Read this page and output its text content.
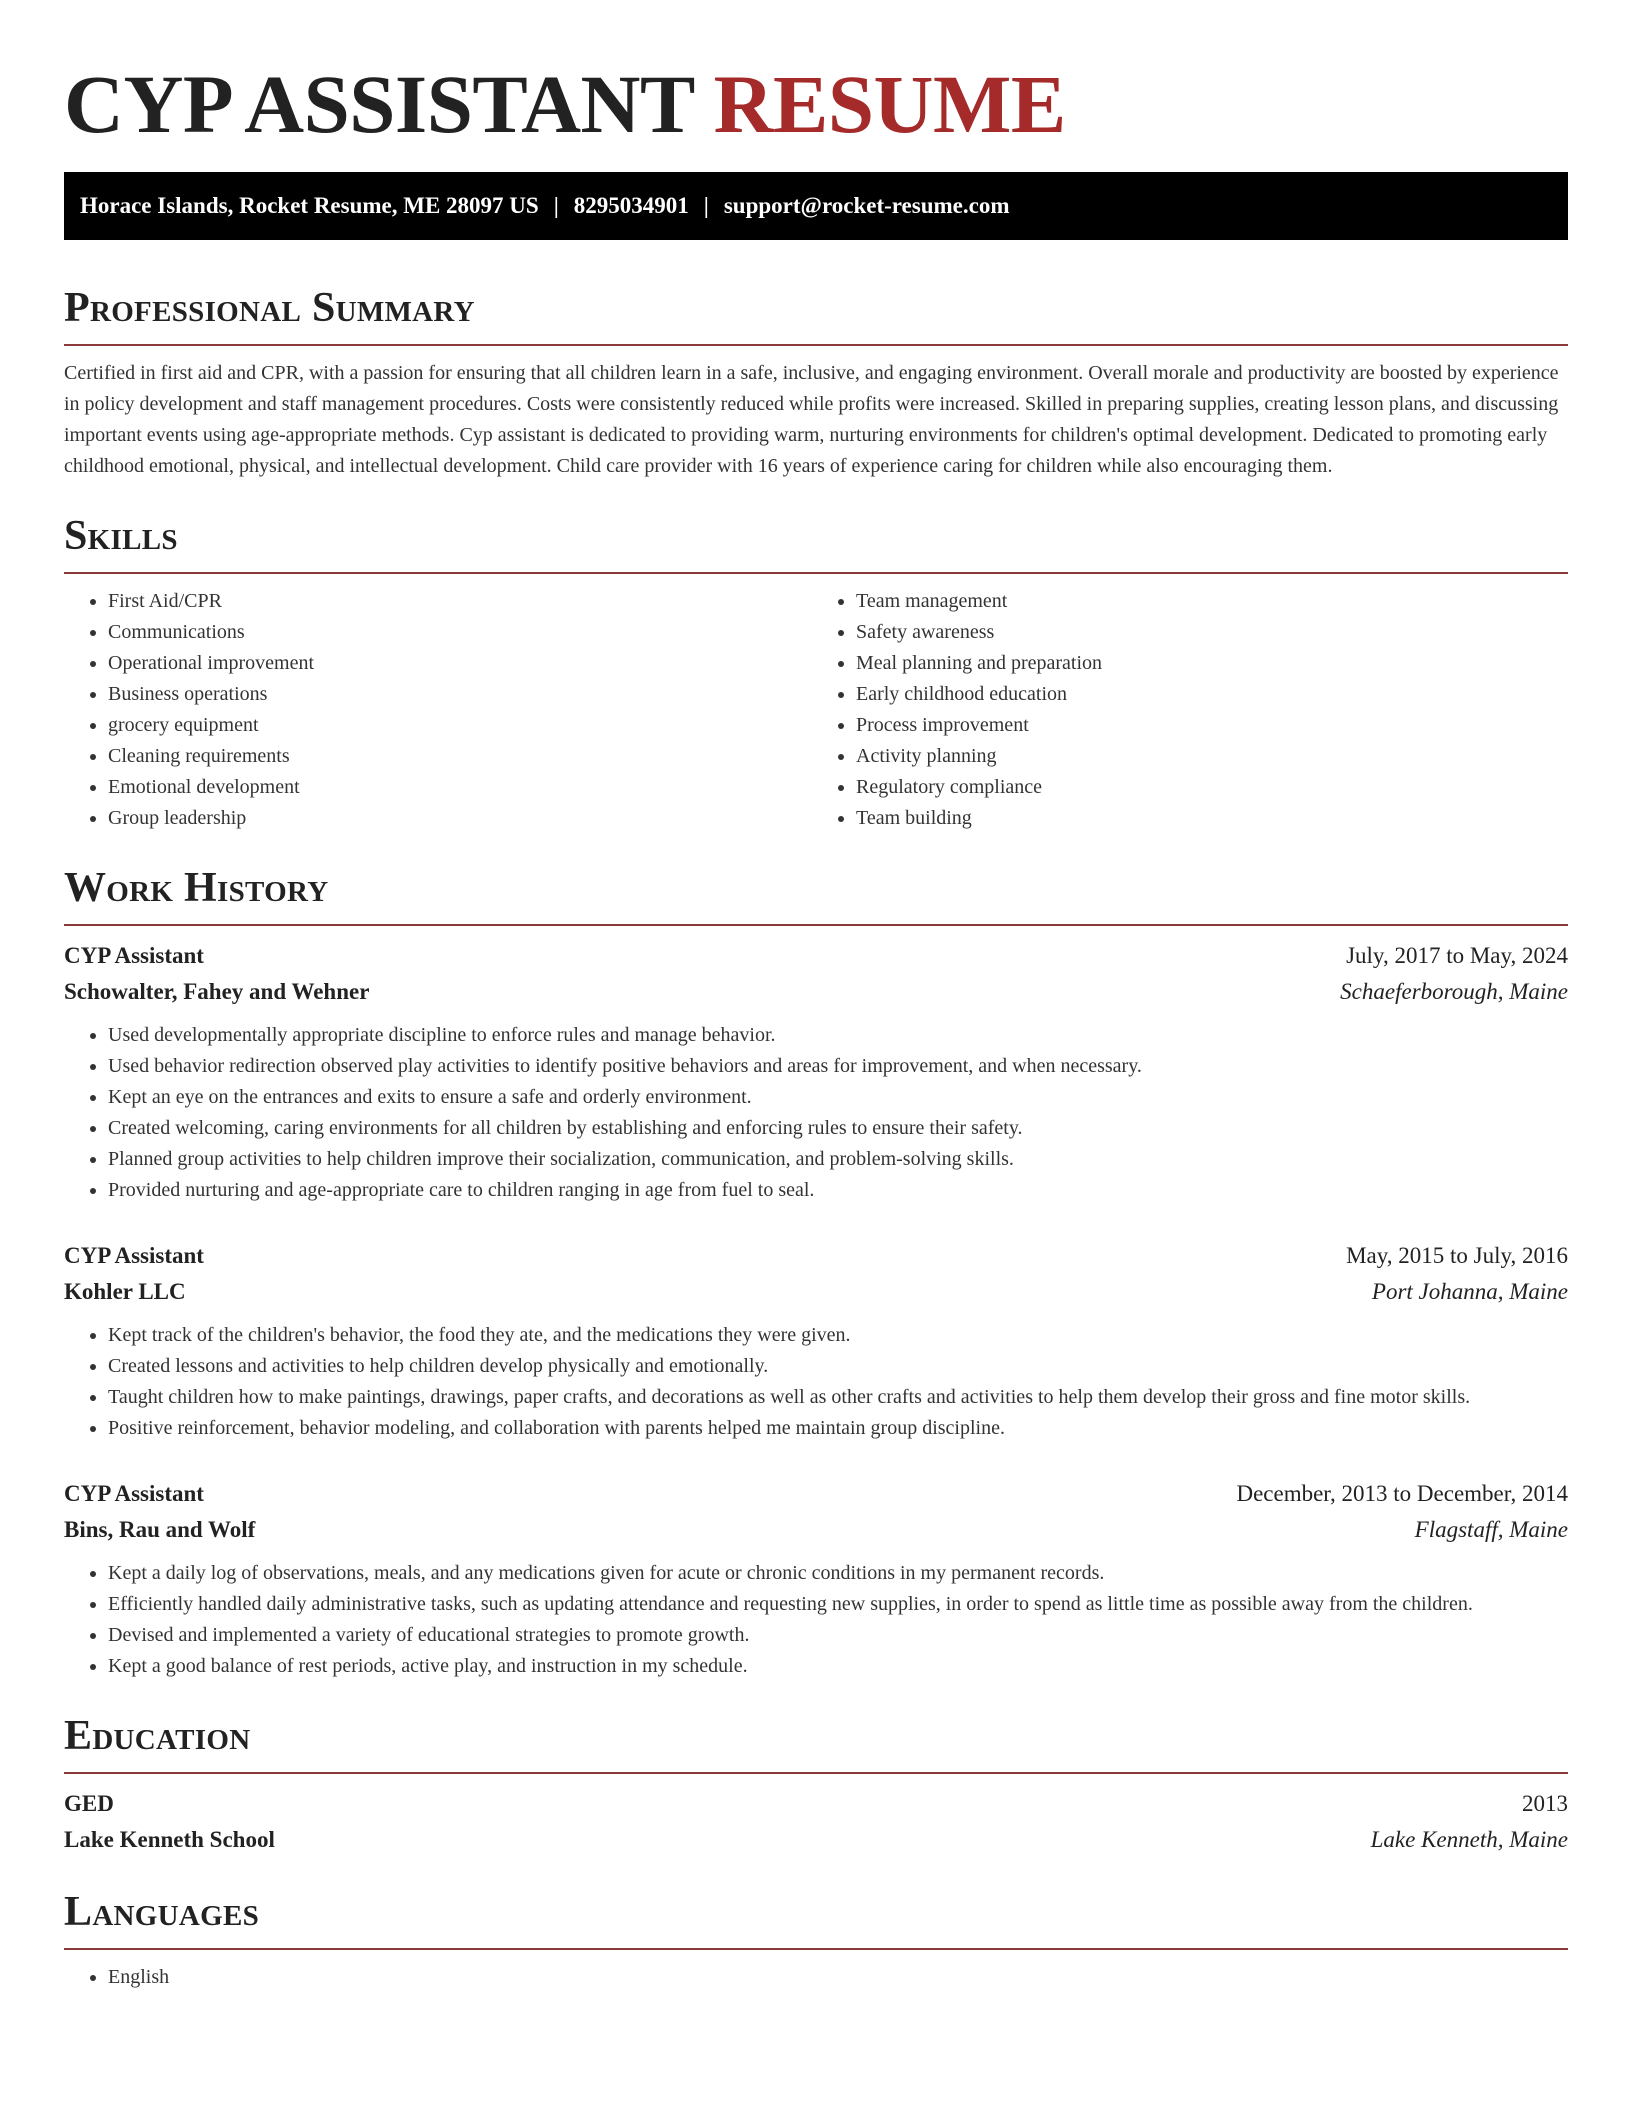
CYP ASSISTANT RESUME
Horace Islands, Rocket Resume, ME 28097 US | 8295034901 | support@rocket-resume.com
Professional Summary

Certified in first aid and CPR, with a passion for ensuring that all children learn in a safe, inclusive, and engaging environment. Overall morale and productivity are boosted by experience in policy development and staff management procedures. Costs were consistently reduced while profits were increased. Skilled in preparing supplies, creating lesson plans, and discussing important events using age-appropriate methods. Cyp assistant is dedicated to providing warm, nurturing environments for children's optimal development. Dedicated to promoting early childhood emotional, physical, and intellectual development. Child care provider with 16 years of experience caring for children while also encouraging them.

Skills
• First Aid/CPR
• Communications
• Operational improvement
• Business operations
• grocery equipment
• Cleaning requirements
• Emotional development
• Group leadership
• Team management
• Safety awareness
• Meal planning and preparation
• Early childhood education
• Process improvement
• Activity planning
• Regulatory compliance
• Team building
Work History
CYP Assistant	July, 2017 to May, 2024
Schowalter, Fahey and Wehner	Schaeferborough, Maine
• Used developmentally appropriate discipline to enforce rules and manage behavior.
• Used behavior redirection observed play activities to identify positive behaviors and areas for improvement, and when necessary.
• Kept an eye on the entrances and exits to ensure a safe and orderly environment.
• Created welcoming, caring environments for all children by establishing and enforcing rules to ensure their safety.
• Planned group activities to help children improve their socialization, communication, and problem-solving skills.
• Provided nurturing and age-appropriate care to children ranging in age from fuel to seal.
CYP Assistant	May, 2015 to July, 2016
Kohler LLC	Port Johanna, Maine
• Kept track of the children's behavior, the food they ate, and the medications they were given.
• Created lessons and activities to help children develop physically and emotionally.
• Taught children how to make paintings, drawings, paper crafts, and decorations as well as other crafts and activities to help them develop their gross and fine motor skills.
• Positive reinforcement, behavior modeling, and collaboration with parents helped me maintain group discipline.
CYP Assistant	December, 2013 to December, 2014
Bins, Rau and Wolf	Flagstaff, Maine
• Kept a daily log of observations, meals, and any medications given for acute or chronic conditions in my permanent records.
• Efficiently handled daily administrative tasks, such as updating attendance and requesting new supplies, in order to spend as little time as possible away from the children.
• Devised and implemented a variety of educational strategies to promote growth.
• Kept a good balance of rest periods, active play, and instruction in my schedule.
Education
GED	2013
Lake Kenneth School	Lake Kenneth, Maine
Languages
• English
